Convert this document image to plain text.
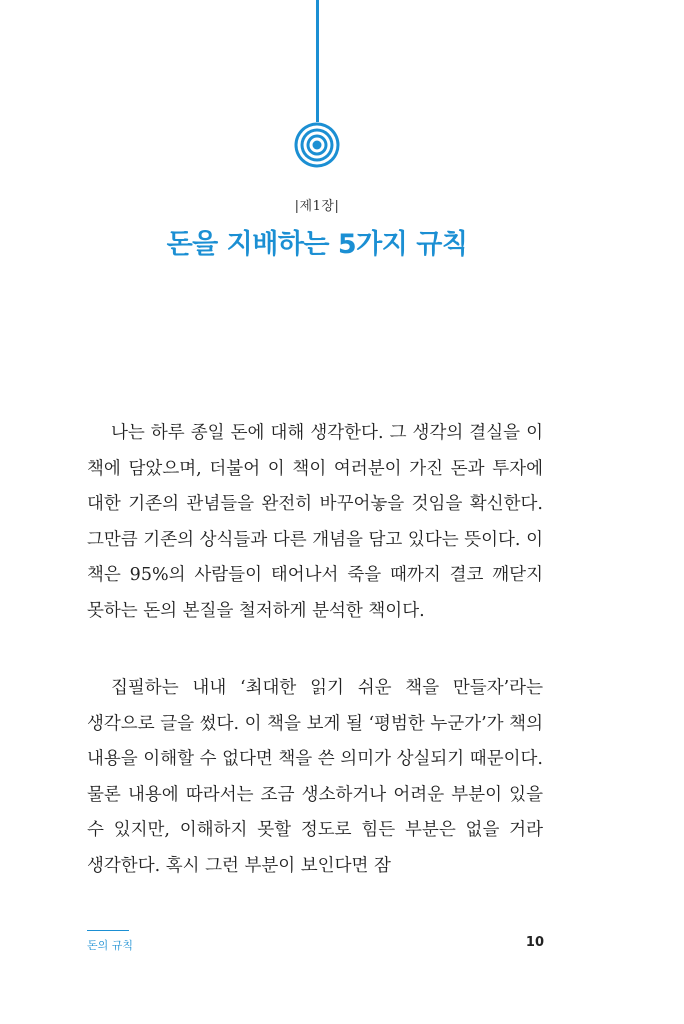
|제1장|
돈을 지배하는 5가지 규칙

나는 하루 종일 돈에 대해 생각한다. 그 생각의 결실을 이 책에 담았으며, 더불어 이 책이 여러분이 가진 돈과 투자에 대한 기존의 관념들을 완전히 바꾸어놓을 것임을 확신한다. 그만큼 기존의 상식들과 다른 개념을 담고 있다는 뜻이다. 이 책은 95%의 사람들이 태어나서 죽을 때까지 결코 깨닫지 못하는 돈의 본질을 철저하게 분석한 책이다.

집필하는 내내 ‘최대한 읽기 쉬운 책을 만들자’라는 생각으로 글을 썼다. 이 책을 보게 될 ‘평범한 누군가’가 책의 내용을 이해할 수 없다면 책을 쓴 의미가 상실되기 때문이다. 물론 내용에 따라서는 조금 생소하거나 어려운 부분이 있을 수 있지만, 이해하지 못할 정도로 힘든 부분은 없을 거라 생각한다. 혹시 그런 부분이 보인다면 잠

돈의 규칙	10
